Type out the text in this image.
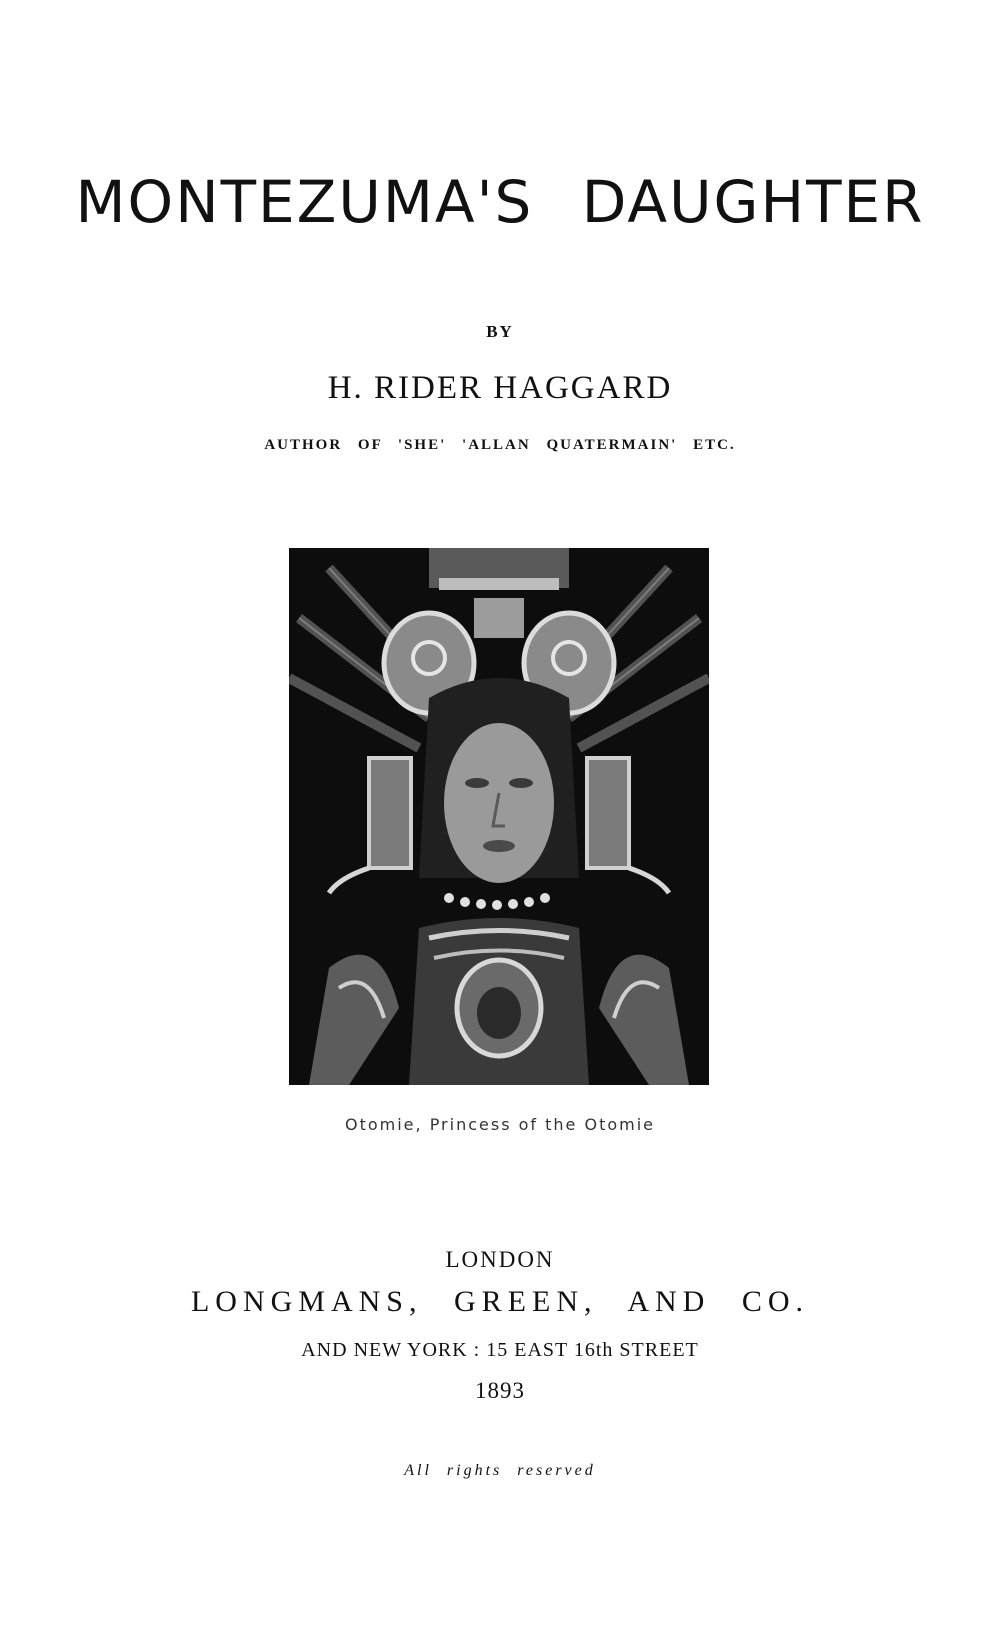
MONTEZUMA'S DAUGHTER
BY
H. RIDER HAGGARD
AUTHOR OF 'SHE' 'ALLAN QUATERMAIN' ETC.
Otomie, Princess of the Otomie
LONDON
LONGMANS, GREEN, AND CO.
AND NEW YORK : 15 EAST 16th STREET
1893
All rights reserved
